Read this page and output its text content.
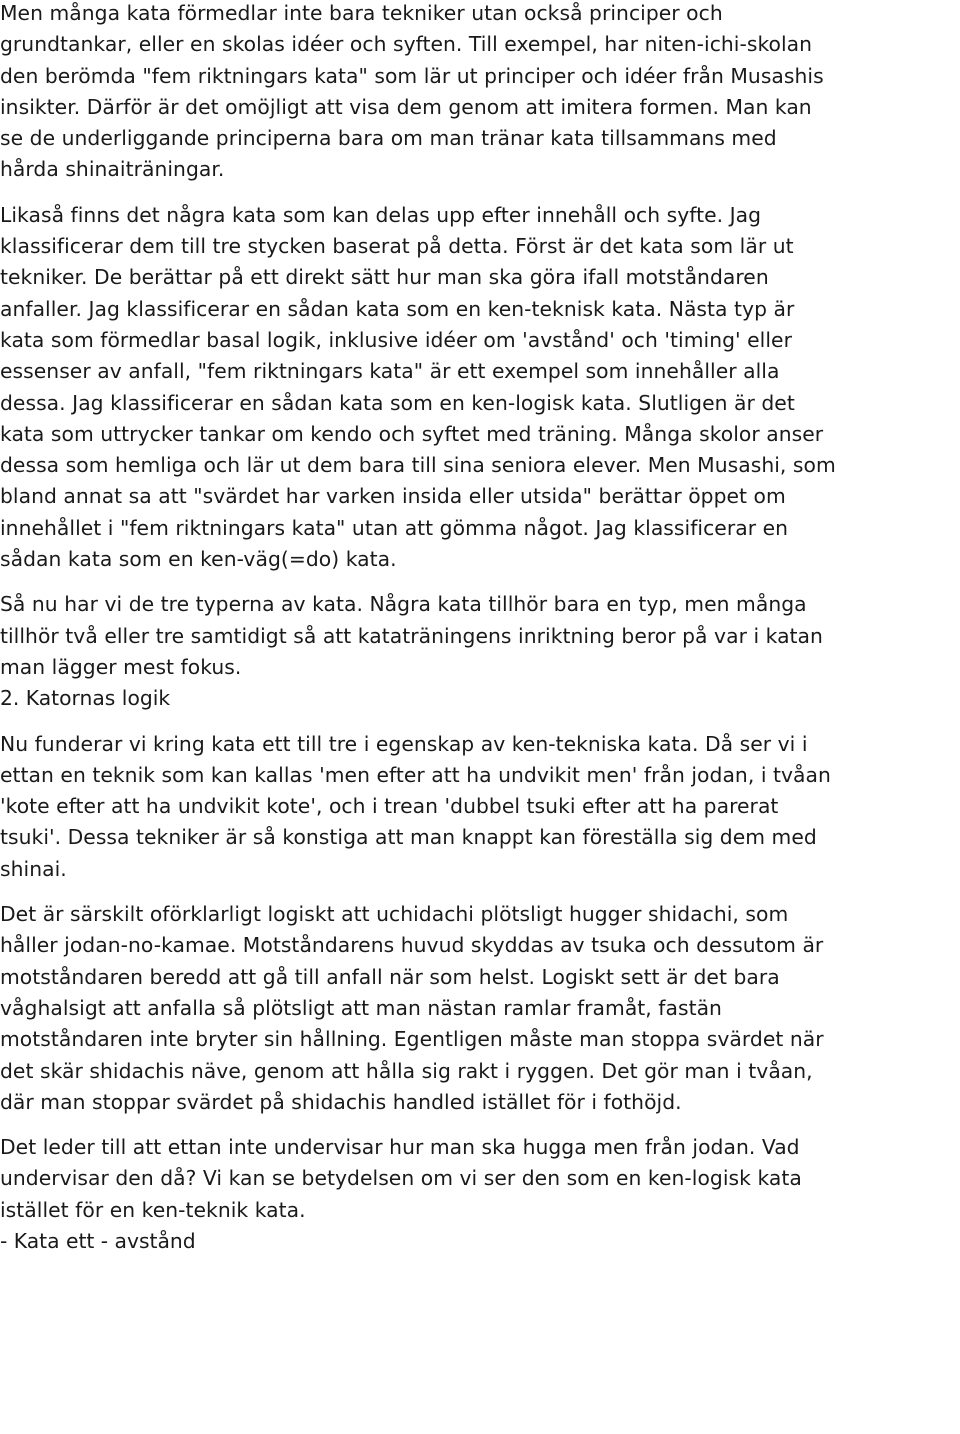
Men många kata förmedlar inte bara tekniker utan också principer och
grundtankar, eller en skolas idéer och syften. Till exempel, har niten-ichi-skolan
den berömda "fem riktningars kata" som lär ut principer och idéer från Musashis
insikter. Därför är det omöjligt att visa dem genom att imitera formen. Man kan
se de underliggande principerna bara om man tränar kata tillsammans med
hårda shinaiträningar.

Likaså finns det några kata som kan delas upp efter innehåll och syfte. Jag
klassificerar dem till tre stycken baserat på detta. Först är det kata som lär ut
tekniker. De berättar på ett direkt sätt hur man ska göra ifall motståndaren
anfaller. Jag klassificerar en sådan kata som en ken-teknisk kata. Nästa typ är
kata som förmedlar basal logik, inklusive idéer om 'avstånd' och 'timing' eller
essenser av anfall, "fem riktningars kata" är ett exempel som innehåller alla
dessa. Jag klassificerar en sådan kata som en ken-logisk kata. Slutligen är det
kata som uttrycker tankar om kendo och syftet med träning. Många skolor anser
dessa som hemliga och lär ut dem bara till sina seniora elever. Men Musashi, som
bland annat sa att "svärdet har varken insida eller utsida" berättar öppet om
innehållet i "fem riktningars kata" utan att gömma något. Jag klassificerar en
sådan kata som en ken-väg(=do) kata.

Så nu har vi de tre typerna av kata. Några kata tillhör bara en typ, men många
tillhör två eller tre samtidigt så att kataträningens inriktning beror på var i katan
man lägger mest fokus.

2. Katornas logik

Nu funderar vi kring kata ett till tre i egenskap av ken-tekniska kata. Då ser vi i
ettan en teknik som kan kallas 'men efter att ha undvikit men' från jodan, i tvåan
'kote efter att ha undvikit kote', och i trean 'dubbel tsuki efter att ha parerat
tsuki'. Dessa tekniker är så konstiga att man knappt kan föreställa sig dem med
shinai.

Det är särskilt oförklarligt logiskt att uchidachi plötsligt hugger shidachi, som
håller jodan-no-kamae. Motståndarens huvud skyddas av tsuka och dessutom är
motståndaren beredd att gå till anfall när som helst. Logiskt sett är det bara
våghalsigt att anfalla så plötsligt att man nästan ramlar framåt, fastän
motståndaren inte bryter sin hållning. Egentligen måste man stoppa svärdet när
det skär shidachis näve, genom att hålla sig rakt i ryggen. Det gör man i tvåan,
där man stoppar svärdet på shidachis handled istället för i fothöjd.

Det leder till att ettan inte undervisar hur man ska hugga men från jodan. Vad
undervisar den då? Vi kan se betydelsen om vi ser den som en ken-logisk kata
istället för en ken-teknik kata.

- Kata ett - avstånd
